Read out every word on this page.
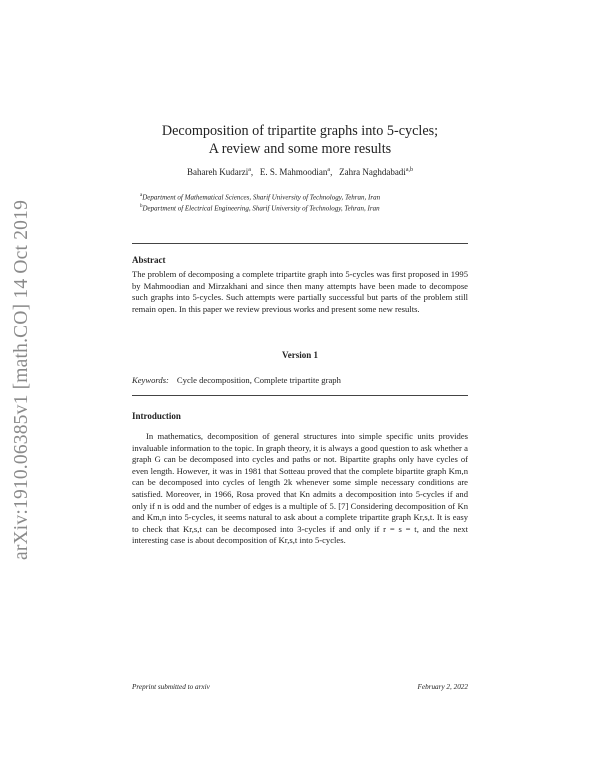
arXiv:1910.06385v1 [math.CO] 14 Oct 2019
Decomposition of tripartite graphs into 5-cycles;
A review and some more results
Bahareh Kudarzi$^a$,   E. S. Mahmoodian$^a$,   Zahra Naghdabadi$^{a,b}$
$^a$Department of Mathematical Sciences, Sharif University of Technology, Tehran, Iran
$^b$Department of Electrical Engineering, Sharif University of Technology, Tehran, Iran
Abstract
The problem of decomposing a complete tripartite graph into 5-cycles was first proposed in 1995 by Mahmoodian and Mirzakhani and since then many attempts have been made to decompose such graphs into 5-cycles. Such attempts were partially successful but parts of the problem still remain open. In this paper we review previous works and present some new results.
Version 1
Keywords: Cycle decomposition, Complete tripartite graph
Introduction
In mathematics, decomposition of general structures into simple specific units provides invaluable information to the topic. In graph theory, it is always a good question to ask whether a graph G can be decomposed into cycles and paths or not. Bipartite graphs only have cycles of even length. However, it was in 1981 that Sotteau proved that the complete bipartite graph Km,n can be decomposed into cycles of length 2k whenever some simple necessary conditions are satisfied. Moreover, in 1966, Rosa proved that Kn admits a decomposition into 5-cycles if and only if n is odd and the number of edges is a multiple of 5. [7] Considering decomposition of Kn and Km,n into 5-cycles, it seems natural to ask about a complete tripartite graph Kr,s,t. It is easy to check that Kr,s,t can be decomposed into 3-cycles if and only if r = s = t, and the next interesting case is about decomposition of Kr,s,t into 5-cycles.
Preprint submitted to arxiv	February 2, 2022
